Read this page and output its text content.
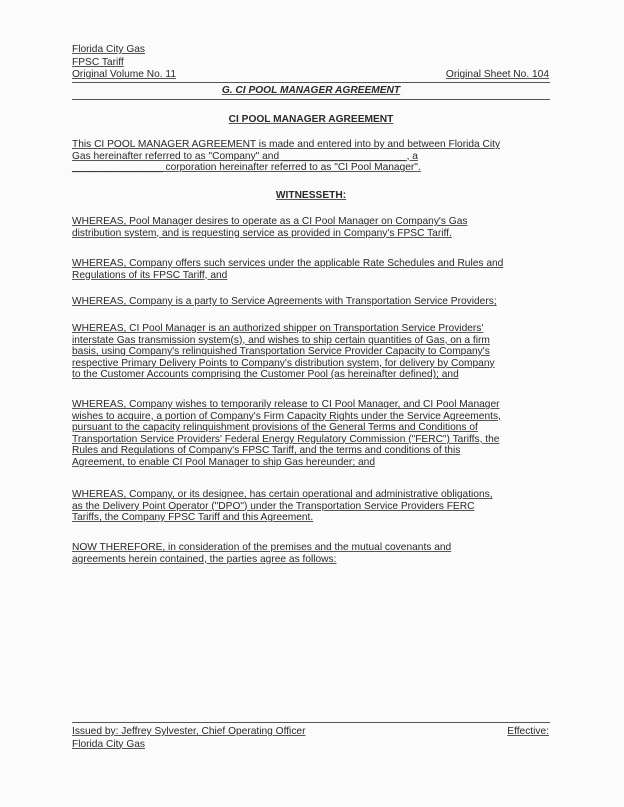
Florida City Gas
FPSC Tariff
Original Volume No. 11	Original Sheet No. 104
G. CI POOL MANAGER AGREEMENT
CI POOL MANAGER AGREEMENT
This CI POOL MANAGER AGREEMENT is made and entered into by and between Florida City
Gas hereinafter referred to as "Company" and ______________________, a
________________ corporation hereinafter referred to as "CI Pool Manager".
WITNESSETH:
WHEREAS, Pool Manager desires to operate as a CI Pool Manager on Company's Gas
distribution system, and is requesting service as provided in Company's FPSC Tariff.
WHEREAS, Company offers such services under the applicable Rate Schedules and Rules and
Regulations of its FPSC Tariff, and
WHEREAS, Company is a party to Service Agreements with Transportation Service Providers;
WHEREAS, CI Pool Manager is an authorized shipper on Transportation Service Providers'
interstate Gas transmission system(s), and wishes to ship certain quantities of Gas, on a firm
basis, using Company's relinquished Transportation Service Provider Capacity to Company's
respective Primary Delivery Points to Company's distribution system, for delivery by Company
to the Customer Accounts comprising the Customer Pool (as hereinafter defined); and
WHEREAS, Company wishes to temporarily release to CI Pool Manager, and CI Pool Manager
wishes to acquire, a portion of Company's Firm Capacity Rights under the Service Agreements,
pursuant to the capacity relinquishment provisions of the General Terms and Conditions of
Transportation Service Providers' Federal Energy Regulatory Commission ("FERC") Tariffs, the
Rules and Regulations of Company's FPSC Tariff, and the terms and conditions of this
Agreement, to enable CI Pool Manager to ship Gas hereunder; and
WHEREAS, Company, or its designee, has certain operational and administrative obligations,
as the Delivery Point Operator ("DPO") under the Transportation Service Providers FERC
Tariffs, the Company FPSC Tariff and this Agreement.
NOW THEREFORE, in consideration of the premises and the mutual covenants and
agreements herein contained, the parties agree as follows:
Issued by: Jeffrey Sylvester, Chief Operating Officer
Florida City Gas
Effective:
